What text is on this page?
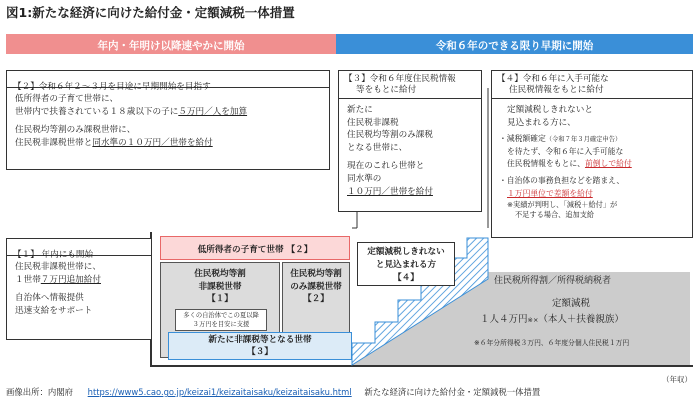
図1:新たな経済に向けた給付金・定額減税一体措置
年内・年明け以降速やかに開始	令和６年のできる限り早期に開始
【２】令和６年２～３月を目途に早期開始を目指す
低所得者の子育て世帯に、
世帯内で扶養されている１８歳以下の子に５万円／人を加算
住民税均等割のみ課税世帯に、
住民税非課税世帯と同水準の１０万円／世帯を給付
【３】令和６年度住民税情報
等をもとに給付
新たに
住民税非課税
住民税均等割のみ課税
となる世帯に、
現在のこれら世帯と
同水準の
１０万円／世帯を給付
【４】令和６年に入手可能な
住民税情報をもとに給付
定額減税しきれないと
見込まれる方に、
・減税額確定（令和７年３月確定申告）
を待たず、令和６年に入手可能な
住民税情報をもとに、前倒しで給付
・自治体の事務負担などを踏まえ、
１万円単位で差額を給付
※実績が判明し、「減税＋給付」が
不足する場合、追加支給
【１】 年内にも開始
住民税非課税世帯に、
１世帯７万円追加給付
自治体へ情報提供
迅速支給をサポート
低所得者の子育て世帯 【２】
住民税均等割
非課税世帯
【１】
多くの自治体でこの夏以降
３万円を目安に支援
住民税均等割
のみ課税世帯
【２】
新たに非課税等となる世帯
【３】
定額減税しきれない
と見込まれる方
【４】	住民税所得割／所得税納税者
定額減税
１人４万円※×（本人＋扶養親族）
※６年分所得税３万円、６年度分個人住民税１万円
（年収）
画像出所：内閣府 https://www5.cao.go.jp/keizai1/keizaitaisaku/keizaitaisaku.html 新たな経済に向けた給付金・定額減税一体措置
